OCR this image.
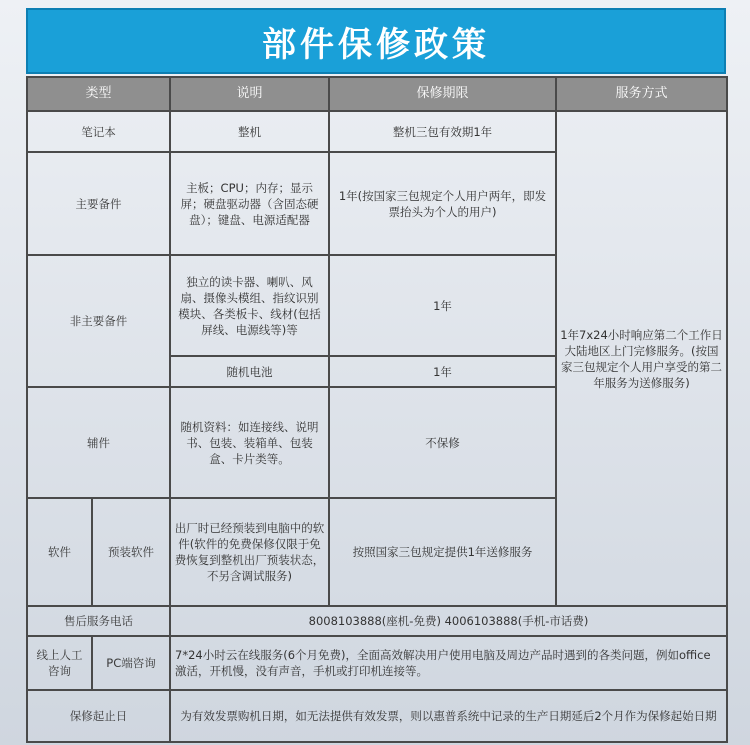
部件保修政策
类型		说明	保修期限	服务方式
笔记本		整机	整机三包有效期1年	1年7x24小时响应第二个工作日 大陆地区上门完修服务。(按国家三包规定个人用户享受的第二年服务为送修服务)
主要备件		主板；CPU；内存；显示屏；硬盘驱动器（含固态硬盘）；键盘、电源适配器	1年(按国家三包规定个人用户两年，即发票抬头为个人的用户)	
非主要备件		独立的读卡器、喇叭、风扇、摄像头模组、指纹识别模块、各类板卡、线材(包括屏线、电源线等)等	1年	
		随机电池	1年	
辅件		随机资料：如连接线、说明书、包装、装箱单、包装盒、卡片类等。	不保修	
软件	预装软件	出厂时已经预装到电脑中的软件(软件的免费保修仅限于免费恢复到整机出厂预装状态，不另含调试服务)	按照国家三包规定提供1年送修服务	
售后服务电话		8008103888(座机-免费) 4006103888(手机-市话费)		
线上人工咨询	PC端咨询	7*24小时云在线服务(6个月免费)，全面高效解决用户使用电脑及周边产品时遇到的各类问题，例如office激活，开机慢，没有声音，手机或打印机连接等。		
保修起止日		为有效发票购机日期，如无法提供有效发票，则以惠普系统中记录的生产日期延后2个月作为保修起始日期		
